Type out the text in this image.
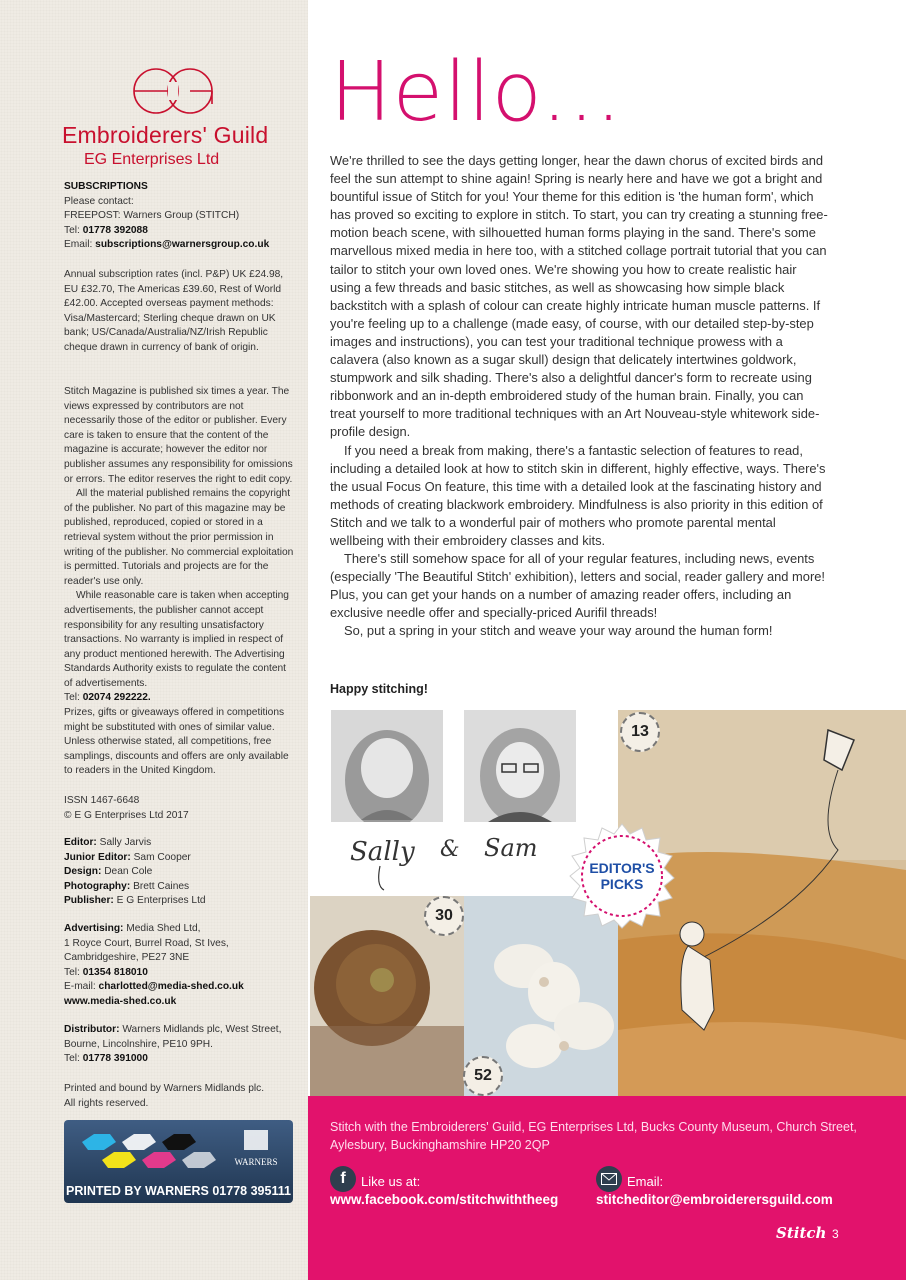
Embroiderers' Guild
EG Enterprises Ltd
SUBSCRIPTIONS
Please contact:
FREEPOST: Warners Group (STITCH)
Tel: 01778 392088
Email: subscriptions@warnersgroup.co.uk
Annual subscription rates (incl. P&P) UK £24.98, EU £32.70, The Americas £39.60, Rest of World £42.00. Accepted overseas payment methods: Visa/Mastercard; Sterling cheque drawn on UK bank; US/Canada/Australia/NZ/Irish Republic cheque drawn in currency of bank of origin.
Stitch Magazine is published six times a year. The views expressed by contributors are not necessarily those of the editor or publisher. Every care is taken to ensure that the content of the magazine is accurate; however the editor nor publisher assumes any responsibility for omissions or errors. The editor reserves the right to edit copy.
All the material published remains the copyright of the publisher. No part of this magazine may be published, reproduced, copied or stored in a retrieval system without the prior permission in writing of the publisher. No commercial exploitation is permitted. Tutorials and projects are for the reader's use only.
While reasonable care is taken when accepting advertisements, the publisher cannot accept responsibility for any resulting unsatisfactory transactions. No warranty is implied in respect of any product mentioned herewith. The Advertising Standards Authority exists to regulate the content of advertisements.
Tel: 02074 292222.
Prizes, gifts or giveaways offered in competitions might be substituted with ones of similar value. Unless otherwise stated, all competitions, free samplings, discounts and offers are only available to readers in the United Kingdom.
ISSN 1467-6648
© E G Enterprises Ltd 2017
Editor: Sally Jarvis
Junior Editor: Sam Cooper
Design: Dean Cole
Photography: Brett Caines
Publisher: E G Enterprises Ltd
Advertising: Media Shed Ltd,
1 Royce Court, Burrel Road, St Ives,
Cambridgeshire, PE27 3NE
Tel: 01354 818010
E-mail: charlotted@media-shed.co.uk
www.media-shed.co.uk
Distributor: Warners Midlands plc, West Street, Bourne, Lincolnshire, PE10 9PH.
Tel: 01778 391000
Printed and bound by Warners Midlands plc.
All rights reserved.
WARNERS
PRINTED BY WARNERS 01778 395111
Hello...

We're thrilled to see the days getting longer, hear the dawn chorus of excited birds and feel the sun attempt to shine again! Spring is nearly here and have we got a bright and bountiful issue of Stitch for you! Your theme for this edition is 'the human form', which has proved so exciting to explore in stitch. To start, you can try creating a stunning free-motion beach scene, with silhouetted human forms playing in the sand. There's some marvellous mixed media in here too, with a stitched collage portrait tutorial that you can tailor to stitch your own loved ones. We're showing you how to create realistic hair using a few threads and basic stitches, as well as showcasing how simple black backstitch with a splash of colour can create highly intricate human muscle patterns. If you're feeling up to a challenge (made easy, of course, with our detailed step-by-step images and instructions), you can test your traditional technique prowess with a calavera (also known as a sugar skull) design that delicately intertwines goldwork, stumpwork and silk shading. There's also a delightful dancer's form to recreate using ribbonwork and an in-depth embroidered study of the human brain. Finally, you can treat yourself to more traditional techniques with an Art Nouveau-style whitework side-profile design.

If you need a break from making, there's a fantastic selection of features to read, including a detailed look at how to stitch skin in different, highly effective, ways. There's the usual Focus On feature, this time with a detailed look at the fascinating history and methods of creating blackwork embroidery. Mindfulness is also priority in this edition of Stitch and we talk to a wonderful pair of mothers who promote parental mental wellbeing with their embroidery classes and kits.

There's still somehow space for all of your regular features, including news, events (especially 'The Beautiful Stitch' exhibition), letters and social, reader gallery and more! Plus, you can get your hands on a number of amazing reader offers, including an exclusive needle offer and specially-priced Aurifil threads!

So, put a spring in your stitch and weave your way around the human form!

Happy stitching!
Sally & Sam
13
30
52
EDITOR'S
PICKS
Stitch with the Embroiderers' Guild, EG Enterprises Ltd, Bucks County Museum, Church Street, Aylesbury, Buckinghamshire HP20 2QP
f	Like us at:
www.facebook.com/stitchwiththeeg
Email:
stitcheditor@embroiderersguild.com
Stitch 3
